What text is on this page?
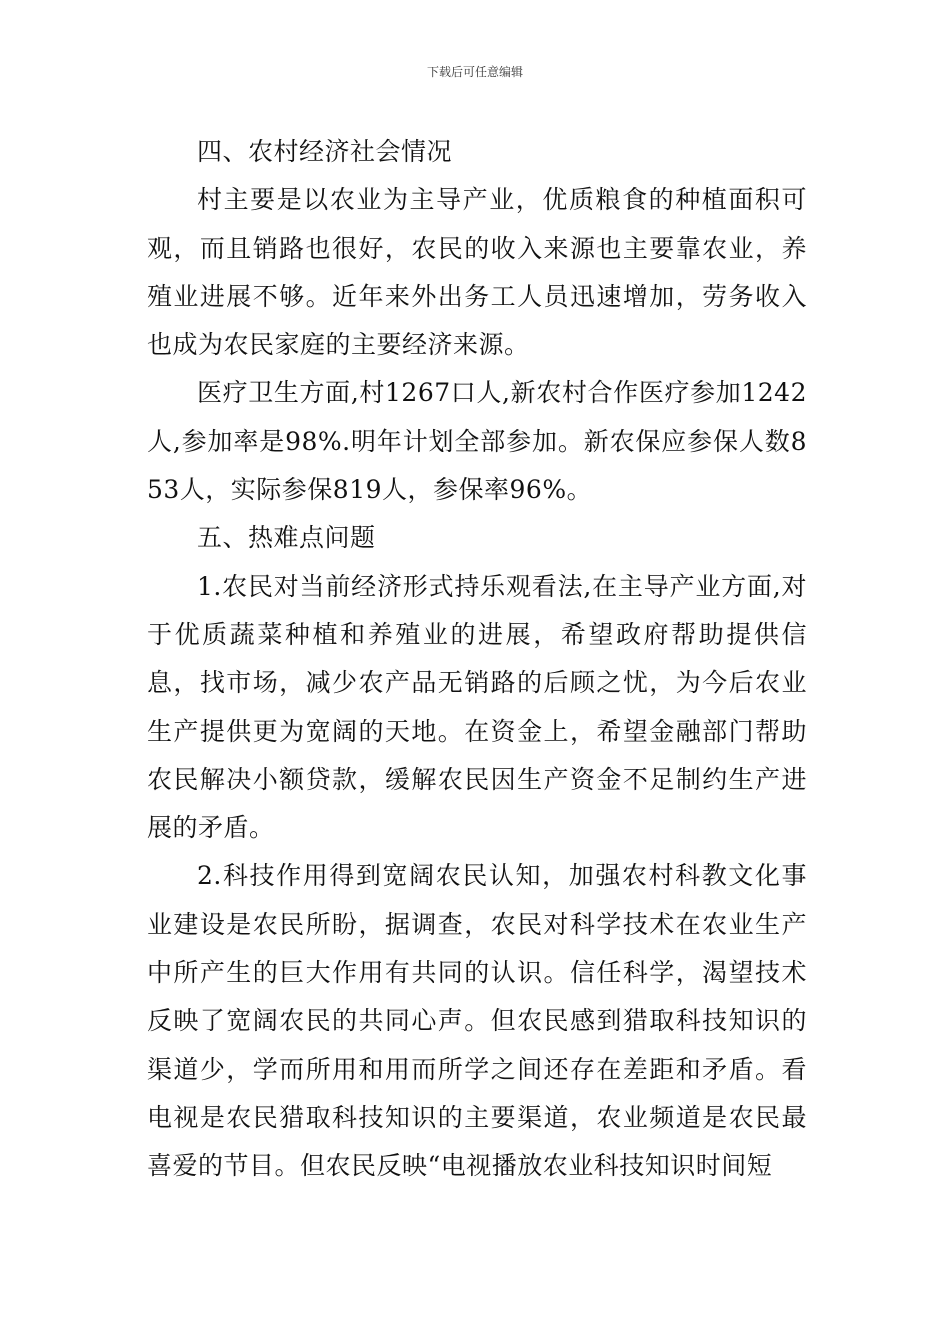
下载后可任意编辑

四、农村经济社会情况

村主要是以农业为主导产业，优质粮食的种植面积可观，而且销路也很好，农民的收入来源也主要靠农业，养殖业进展不够。近年来外出务工人员迅速增加，劳务收入也成为农民家庭的主要经济来源。

医疗卫生方面,村1267口人,新农村合作医疗参加1242人,参加率是98%.明年计划全部参加。新农保应参保人数853人，实际参保819人，参保率96%。

五、热难点问题

1.农民对当前经济形式持乐观看法,在主导产业方面,对于优质蔬菜种植和养殖业的进展，希望政府帮助提供信息，找市场，减少农产品无销路的后顾之忧，为今后农业生产提供更为宽阔的天地。在资金上，希望金融部门帮助农民解决小额贷款，缓解农民因生产资金不足制约生产进展的矛盾。

2.科技作用得到宽阔农民认知，加强农村科教文化事业建设是农民所盼，据调查，农民对科学技术在农业生产中所产生的巨大作用有共同的认识。信任科学，渴望技术反映了宽阔农民的共同心声。但农民感到猎取科技知识的渠道少，学而所用和用而所学之间还存在差距和矛盾。看电视是农民猎取科技知识的主要渠道，农业频道是农民最喜爱的节目。但农民反映“电视播放农业科技知识时间短
